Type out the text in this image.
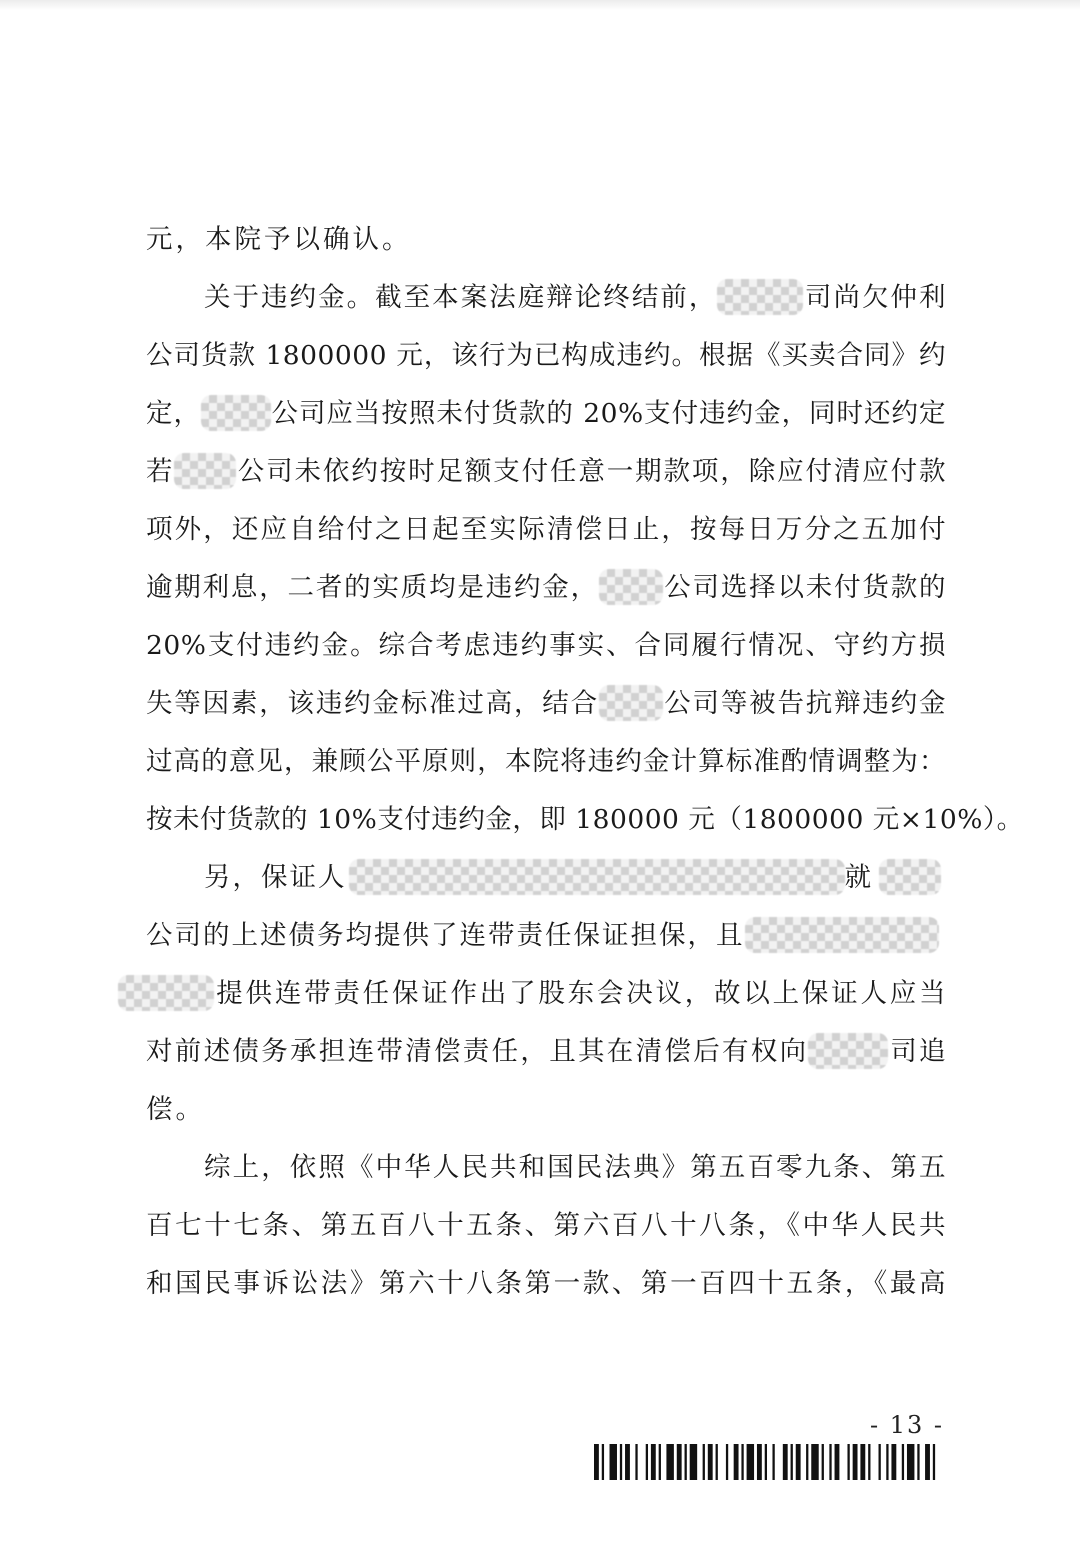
元，本院予以确认。
关于违约金。截至本案法庭辩论终结前，	司尚欠仲利
公司货款 1800000 元，该行为已构成违约。根据《买卖合同》约
定，	公司应当按照未付货款的 20%支付违约金，同时还约定
若 公司未依约按时足额支付任意一期款项，除应付清应付款
项外，还应自给付之日起至实际清偿日止，按每日万分之五加付
逾期利息，二者的实质均是违约金， 公司选择以未付货款的
20%支付违约金。综合考虑违约事实、合同履行情况、守约方损
失等因素，该违约金标准过高，结合 公司等被告抗辩违约金
过高的意见，兼顾公平原则，本院将违约金计算标准酌情调整为：
按未付货款的 10%支付违约金，即 180000 元（1800000 元×10%）。
另，保证人	就
公司的上述债务均提供了连带责任保证担保，且
提供连带责任保证作出了股东会决议，故以上保证人应当
对前述债务承担连带清偿责任，且其在清偿后有权向	司追
偿。
综上，依照《中华人民共和国民法典》第五百零九条、第五
百七十七条、第五百八十五条、第六百八十八条，《中华人民共
和国民事诉讼法》第六十八条第一款、第一百四十五条，《最高
- 13 -
